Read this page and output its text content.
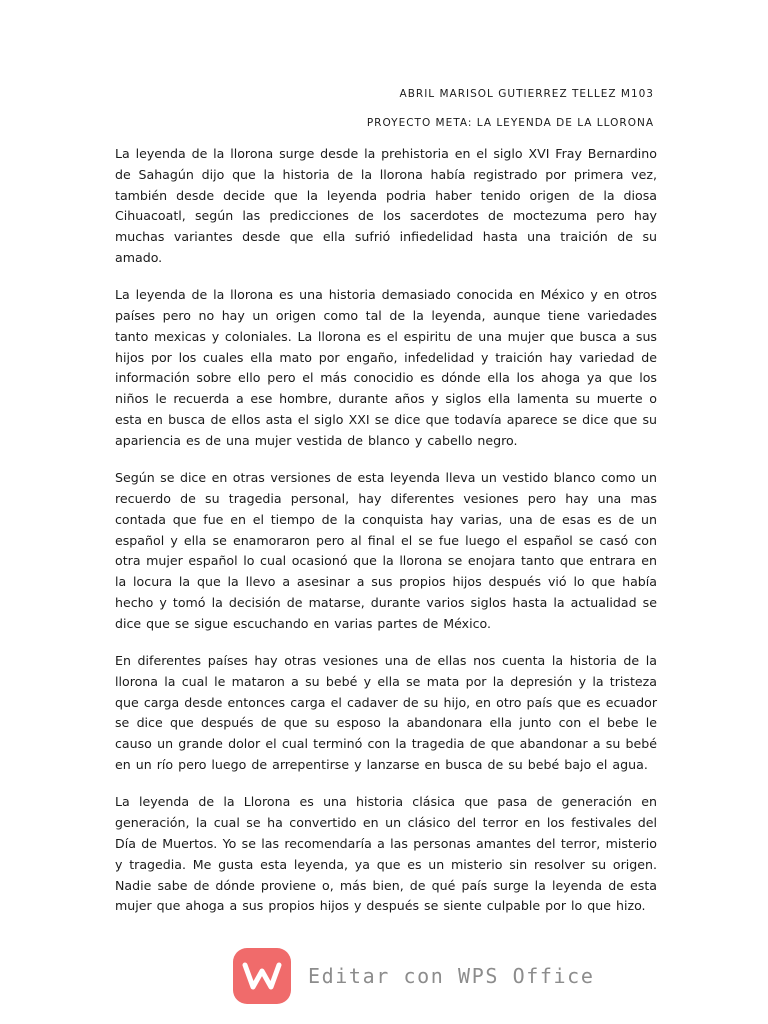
ABRIL MARISOL GUTIERREZ TELLEZ M103
PROYECTO META: LA LEYENDA DE LA LLORONA

La leyenda de la llorona surge desde la prehistoria en el siglo XVI Fray Bernardino de Sahagún dijo que la historia de la llorona había registrado por primera vez, también desde decide que la leyenda podria haber tenido origen de la diosa Cihuacoatl, según las predicciones de los sacerdotes de moctezuma pero hay muchas variantes desde que ella sufrió infiedelidad hasta una traición de su amado.

La leyenda de la llorona es una historia demasiado conocida en México y en otros países pero no hay un origen como tal de la leyenda, aunque tiene variedades tanto mexicas y coloniales. La llorona es el espiritu de una mujer que busca a sus hijos por los cuales ella mato por engaño, infedelidad y traición hay variedad de información sobre ello pero el más conocidio es dónde ella los ahoga ya que los niños le recuerda a ese hombre, durante años y siglos ella lamenta su muerte o esta en busca de ellos asta el siglo XXI se dice que todavía aparece se dice que su apariencia es de una mujer vestida de blanco y cabello negro.

Según se dice en otras versiones de esta leyenda lleva un vestido blanco como un recuerdo de su tragedia personal, hay diferentes vesiones pero hay una mas contada que fue en el tiempo de la conquista hay varias, una de esas es de un español y ella se enamoraron pero al final el se fue luego el español se casó con otra mujer español lo cual ocasionó que la llorona se enojara tanto que entrara en la locura la que la llevo a asesinar a sus propios hijos después vió lo que había hecho y tomó la decisión de matarse, durante varios siglos hasta la actualidad se dice que se sigue escuchando en varias partes de México.

En diferentes países hay otras vesiones una de ellas nos cuenta la historia de la llorona la cual le mataron a su bebé y ella se mata por la depresión y la tristeza que carga desde entonces carga el cadaver de su hijo, en otro país que es ecuador se dice que después de que su esposo la abandonara ella junto con el bebe le causo un grande dolor el cual terminó con la tragedia de que abandonar a su bebé en un río pero luego de arrepentirse y lanzarse en busca de su bebé bajo el agua.

La leyenda de la Llorona es una historia clásica que pasa de generación en generación, la cual se ha convertido en un clásico del terror en los festivales del Día de Muertos. Yo se las recomendaría a las personas amantes del terror, misterio y tragedia. Me gusta esta leyenda, ya que es un misterio sin resolver su origen. Nadie sabe de dónde proviene o, más bien, de qué país surge la leyenda de esta mujer que ahoga a sus propios hijos y después se siente culpable por lo que hizo.

Editar con WPS Office
